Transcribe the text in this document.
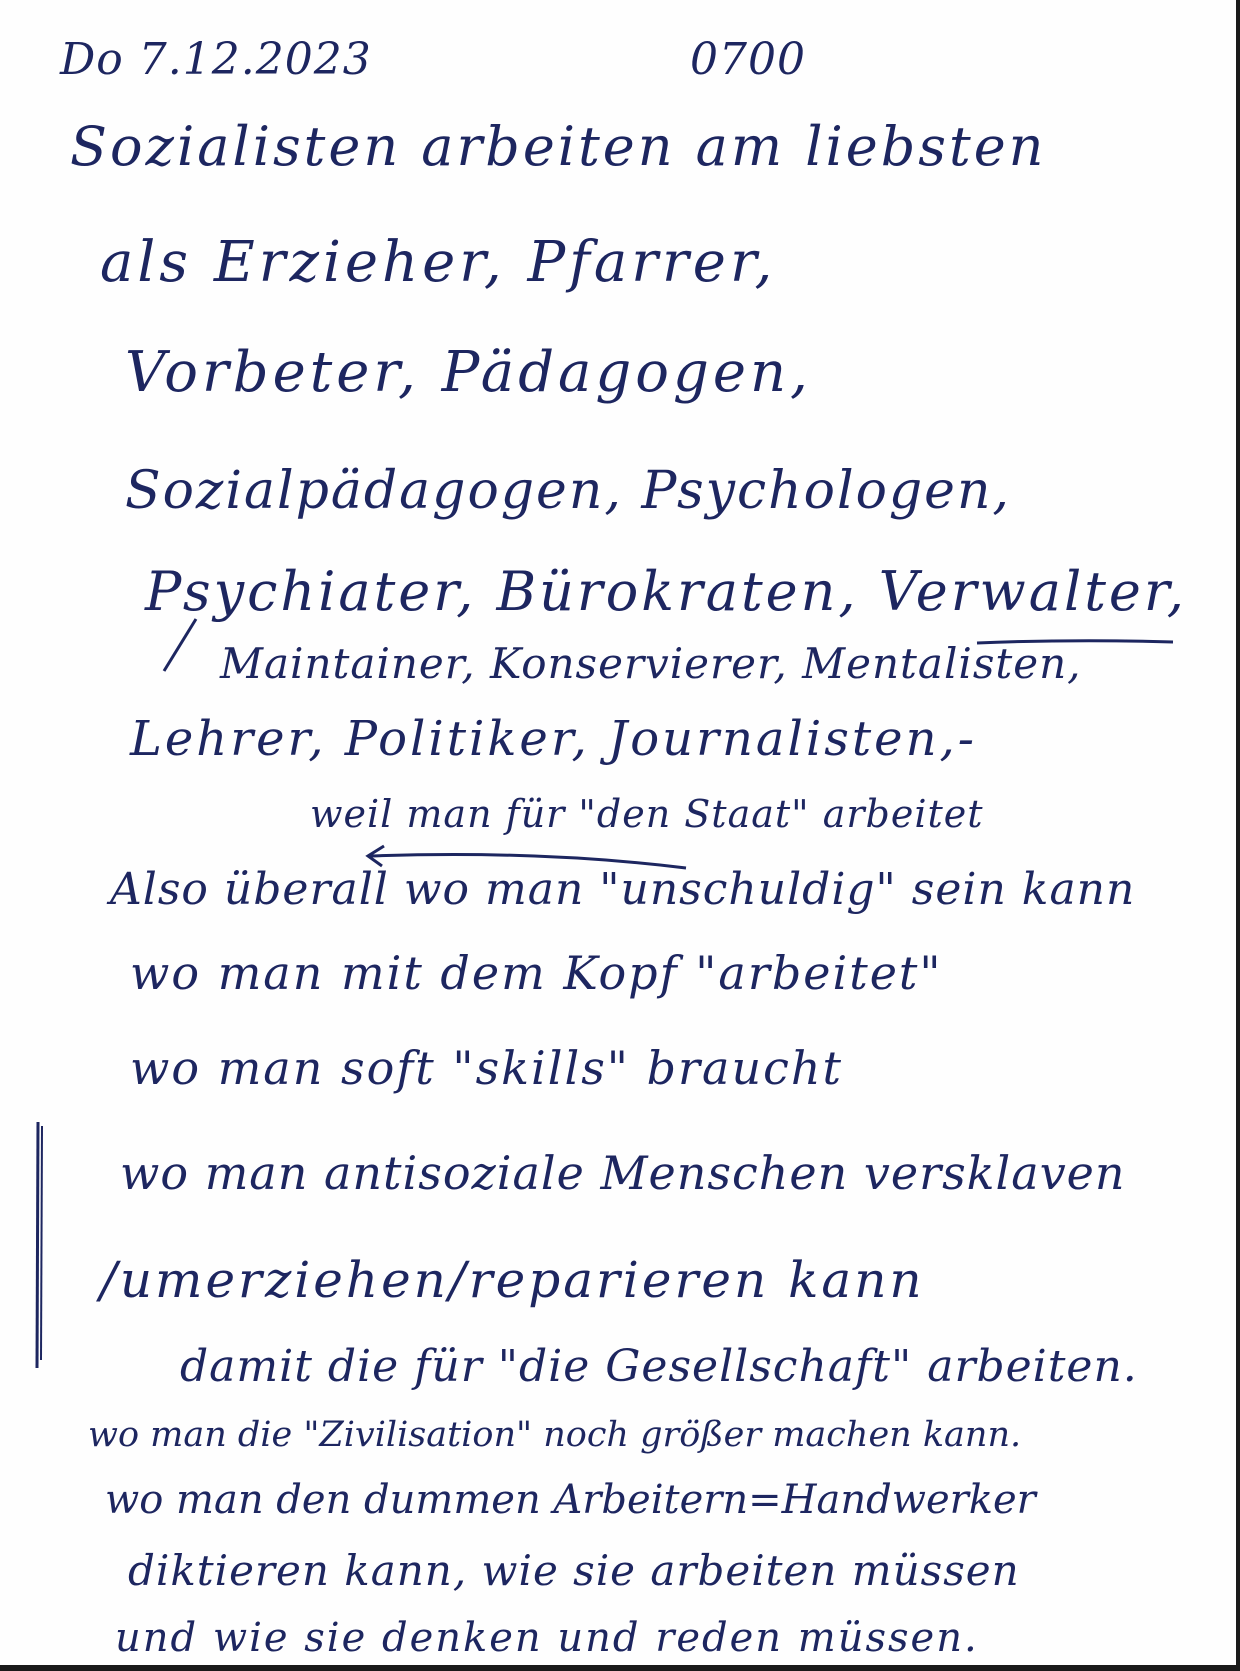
Do 7.12.2023	0700
Sozialisten arbeiten am liebsten
als Erzieher, Pfarrer,
Vorbeter, Pädagogen,
Sozialpädagogen, Psychologen,
Psychiater, Bürokraten, Verwalter,
Maintainer, Konservierer, Mentalisten,
Lehrer, Politiker, Journalisten,-
weil man für "den Staat" arbeitet
Also überall wo man "unschuldig" sein kann
wo man mit dem Kopf "arbeitet"
wo man soft "skills" braucht
wo man antisoziale Menschen versklaven
/umerziehen/reparieren kann
damit die für "die Gesellschaft" arbeiten.
wo man die "Zivilisation" noch größer machen kann.
wo man den dummen Arbeitern=Handwerker
diktieren kann, wie sie arbeiten müssen
und wie sie denken und reden müssen.
